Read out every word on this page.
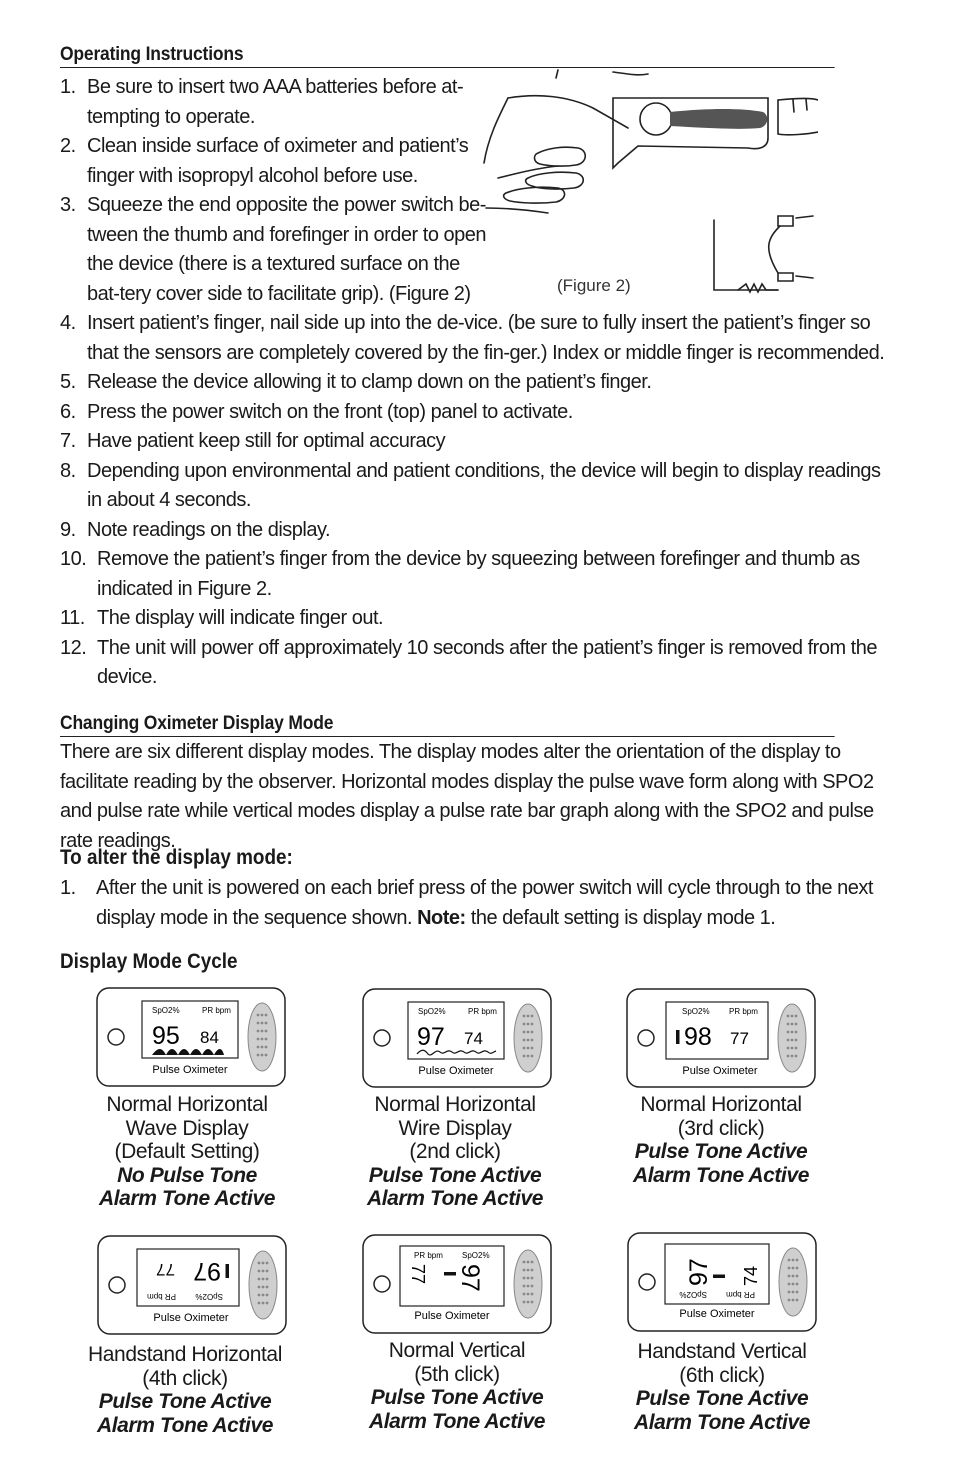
Operating Instructions
1. Be sure to insert two AAA batteries before at-tempting to operate.
2. Clean inside surface of oximeter and patient’s finger with isopropyl alcohol before use.
3. Squeeze the end opposite the power switch be-tween the thumb and forefinger in order to open the device (there is a textured surface on the bat-tery cover side to facilitate grip). (Figure 2)
4. Insert patient’s finger, nail side up into the de-vice. (be sure to fully insert the patient’s finger so that the sensors are completely covered by the fin-ger.) Index or middle finger is recommended.
5. Release the device allowing it to clamp down on the patient’s finger.
6. Press the power switch on the front (top) panel to activate.
7. Have patient keep still for optimal accuracy
8. Depending upon environmental and patient conditions, the device will begin to display readings in about 4 seconds.
9. Note readings on the display.
10. Remove the patient’s finger from the device by squeezing between forefinger and thumb as indicated in Figure 2.
11. The display will indicate finger out.
12. The unit will power off approximately 10 seconds after the patient’s finger is removed from the device.
(Figure 2)
Changing Oximeter Display Mode
There are six different display modes. The display modes alter the orientation of the display to facilitate reading by the observer. Horizontal modes display the pulse wave form along with SPO2 and pulse rate while vertical modes display a pulse rate bar graph along with the SPO2 and pulse rate readings.
To alter the display mode:
1. After the unit is powered on each brief press of the power switch will cycle through to the next display mode in the sequence shown. Note: the default setting is display mode 1.
Display Mode Cycle
SpO2%	PR bpm
95 84
Pulse Oximeter
Normal Horizontal
Wave Display
(Default Setting)
No Pulse Tone
Alarm Tone Active
SpO2%	PR bpm
97 74
Pulse Oximeter
Normal Horizontal
Wire Display
(2nd click)
Pulse Tone Active
Alarm Tone Active
SpO2% PR bpm
98 77
Pulse Oximeter
Normal Horizontal
(3rd click)
Pulse Tone Active
Alarm Tone Active
SpO2%
PR bpm
97
77
Pulse Oximeter
Handstand Horizontal
(4th click)
Pulse Tone Active
Alarm Tone Active
PR bpm SpO2%
77 97
Pulse Oximeter
Normal Vertical
(5th click)
Pulse Tone Active
Alarm Tone Active
PR bpm
SpO2%
74
97
Pulse Oximeter
Handstand Vertical
(6th click)
Pulse Tone Active
Alarm Tone Active
